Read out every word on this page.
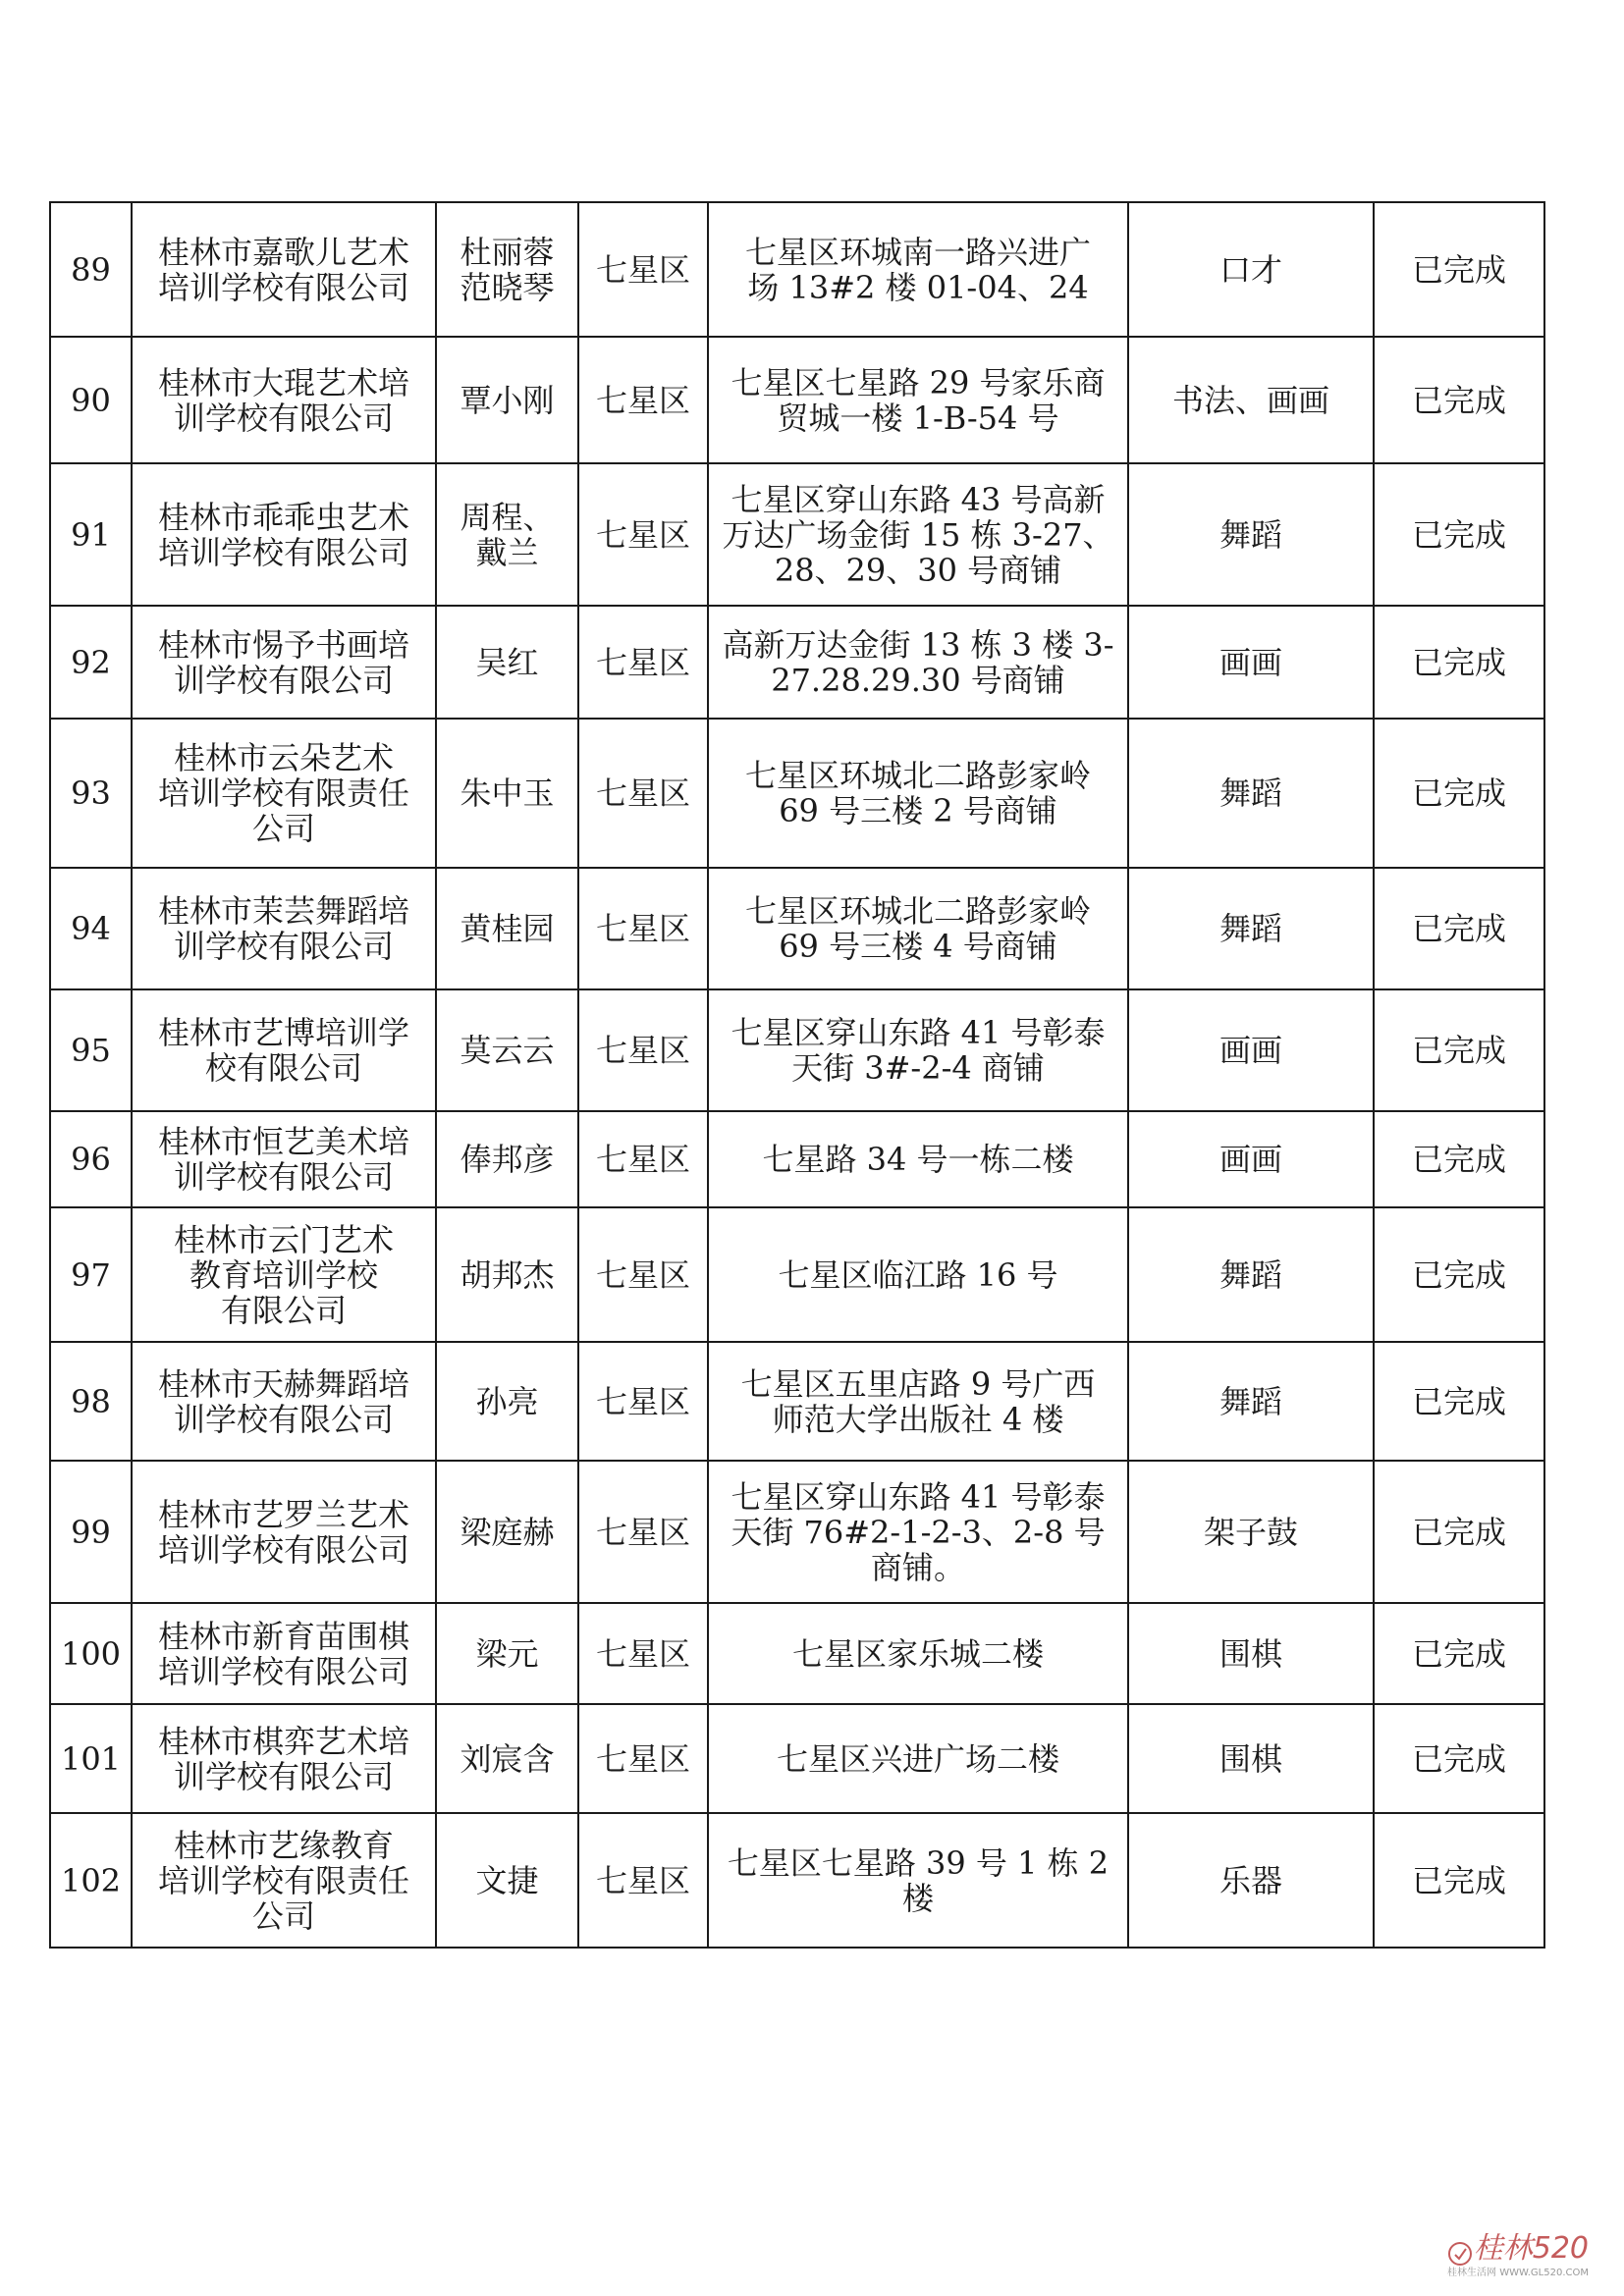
89	桂林市嘉歌儿艺术
培训学校有限公司	杜丽蓉
范晓琴	七星区	七星区环城南一路兴进广
场 13#2 楼 01-04、24	口才	已完成
90	桂林市大琨艺术培
训学校有限公司	覃小刚	七星区	七星区七星路 29 号家乐商
贸城一楼 1-B-54 号	书法、画画	已完成
91	桂林市乖乖虫艺术
培训学校有限公司	周程、
戴兰	七星区	七星区穿山东路 43 号高新
万达广场金街 15 栋 3-27、
28、29、30 号商铺	舞蹈	已完成
92	桂林市惕予书画培
训学校有限公司	吴红	七星区	高新万达金街 13 栋 3 楼 3-
27.28.29.30 号商铺	画画	已完成
93	桂林市云朵艺术
培训学校有限责任
公司	朱中玉	七星区	七星区环城北二路彭家岭
69 号三楼 2 号商铺	舞蹈	已完成
94	桂林市茉芸舞蹈培
训学校有限公司	黄桂园	七星区	七星区环城北二路彭家岭
69 号三楼 4 号商铺	舞蹈	已完成
95	桂林市艺博培训学
校有限公司	莫云云	七星区	七星区穿山东路 41 号彰泰
天街 3#-2-4 商铺	画画	已完成
96	桂林市恒艺美术培
训学校有限公司	俸邦彦	七星区	七星路 34 号一栋二楼	画画	已完成
97	桂林市云门艺术
教育培训学校
有限公司	胡邦杰	七星区	七星区临江路 16 号	舞蹈	已完成
98	桂林市天赫舞蹈培
训学校有限公司	孙亮	七星区	七星区五里店路 9 号广西
师范大学出版社 4 楼	舞蹈	已完成
99	桂林市艺罗兰艺术
培训学校有限公司	梁庭赫	七星区	七星区穿山东路 41 号彰泰
天街 76#2-1-2-3、2-8 号
商铺。	架子鼓	已完成
100	桂林市新育苗围棋
培训学校有限公司	梁元	七星区	七星区家乐城二楼	围棋	已完成
101	桂林市棋弈艺术培
训学校有限公司	刘宸含	七星区	七星区兴进广场二楼	围棋	已完成
102	桂林市艺缘教育
培训学校有限责任
公司	文捷	七星区	七星区七星路 39 号 1 栋 2
楼	乐器	已完成
桂林520
桂林生活网 WWW.GL520.COM
